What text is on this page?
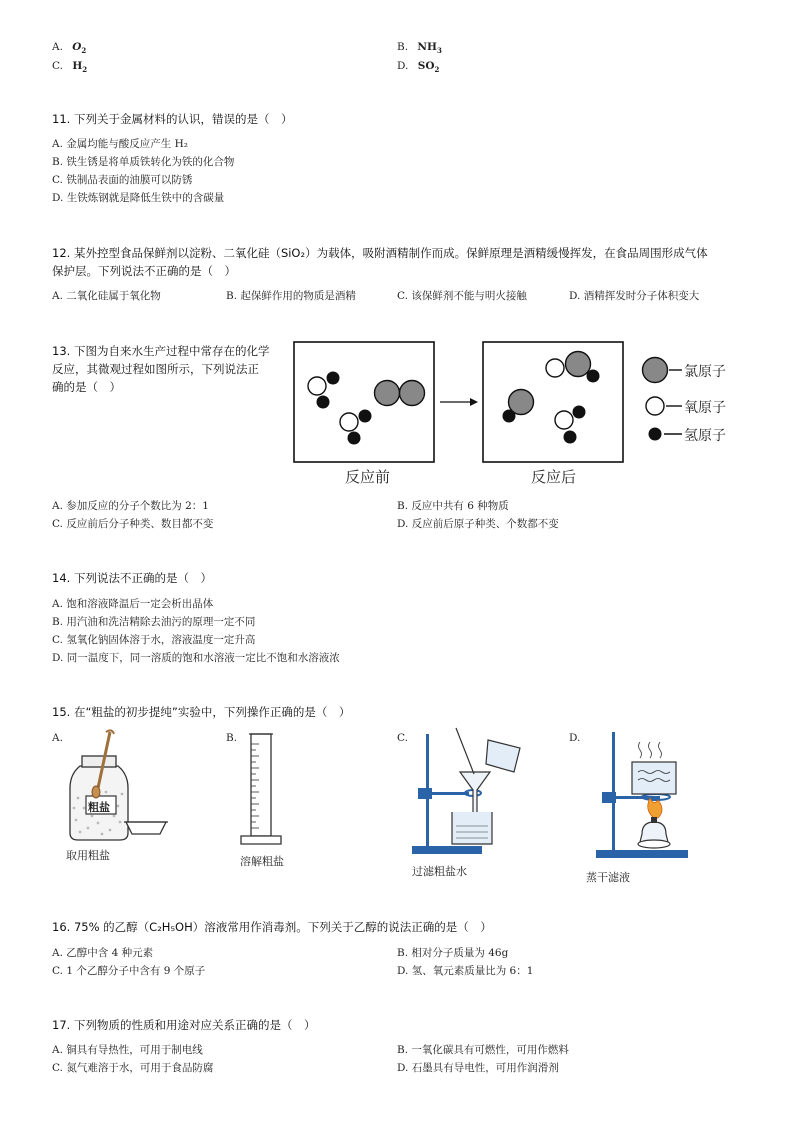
A. $O_2$	B. $NH_3$
C. $H_2$	D. $SO_2$
11. 下列关于金属材料的认识，错误的是（　）
A. 金属均能与酸反应产生 H₂
B. 铁生锈是将单质铁转化为铁的化合物
C. 铁制品表面的油膜可以防锈
D. 生铁炼钢就是降低生铁中的含碳量
12. 某外控型食品保鲜剂以淀粉、二氧化硅（SiO₂）为载体，吸附酒精制作而成。保鲜原理是酒精缓慢挥发，在食品周围形成气体
保护层。下列说法不正确的是（　）
A. 二氧化硅属于氧化物	B. 起保鲜作用的物质是酒精	C. 该保鲜剂不能与明火接触	D. 酒精挥发时分子体积变大
13. 下图为自来水生产过程中常存在的化学
反应，其微观过程如图所示，下列说法正
确的是（　）
氯原子
氧原子
氢原子
反应前	反应后
A. 参加反应的分子个数比为 2：1	B. 反应中共有 6 种物质
C. 反应前后分子种类、数目都不变	D. 反应前后原子种类、个数都不变
14. 下列说法不正确的是（　）
A. 饱和溶液降温后一定会析出晶体
B. 用汽油和洗洁精除去油污的原理一定不同
C. 氢氧化钠固体溶于水，溶液温度一定升高
D. 同一温度下，同一溶质的饱和水溶液一定比不饱和水溶液浓
15. 在“粗盐的初步提纯”实验中，下列操作正确的是（　）
A.	B.	C.	D.
粗盐
取用粗盐	溶解粗盐
过滤粗盐水	蒸干滤液
16. 75% 的乙醇（C₂H₅OH）溶液常用作消毒剂。下列关于乙醇的说法正确的是（　）
A. 乙醇中含 4 种元素	B. 相对分子质量为 46g
C. 1 个乙醇分子中含有 9 个原子	D. 氢、氧元素质量比为 6：1
17. 下列物质的性质和用途对应关系正确的是（　）
A. 铜具有导热性，可用于制电线	B. 一氧化碳具有可燃性，可用作燃料
C. 氮气难溶于水，可用于食品防腐	D. 石墨具有导电性，可用作润滑剂
